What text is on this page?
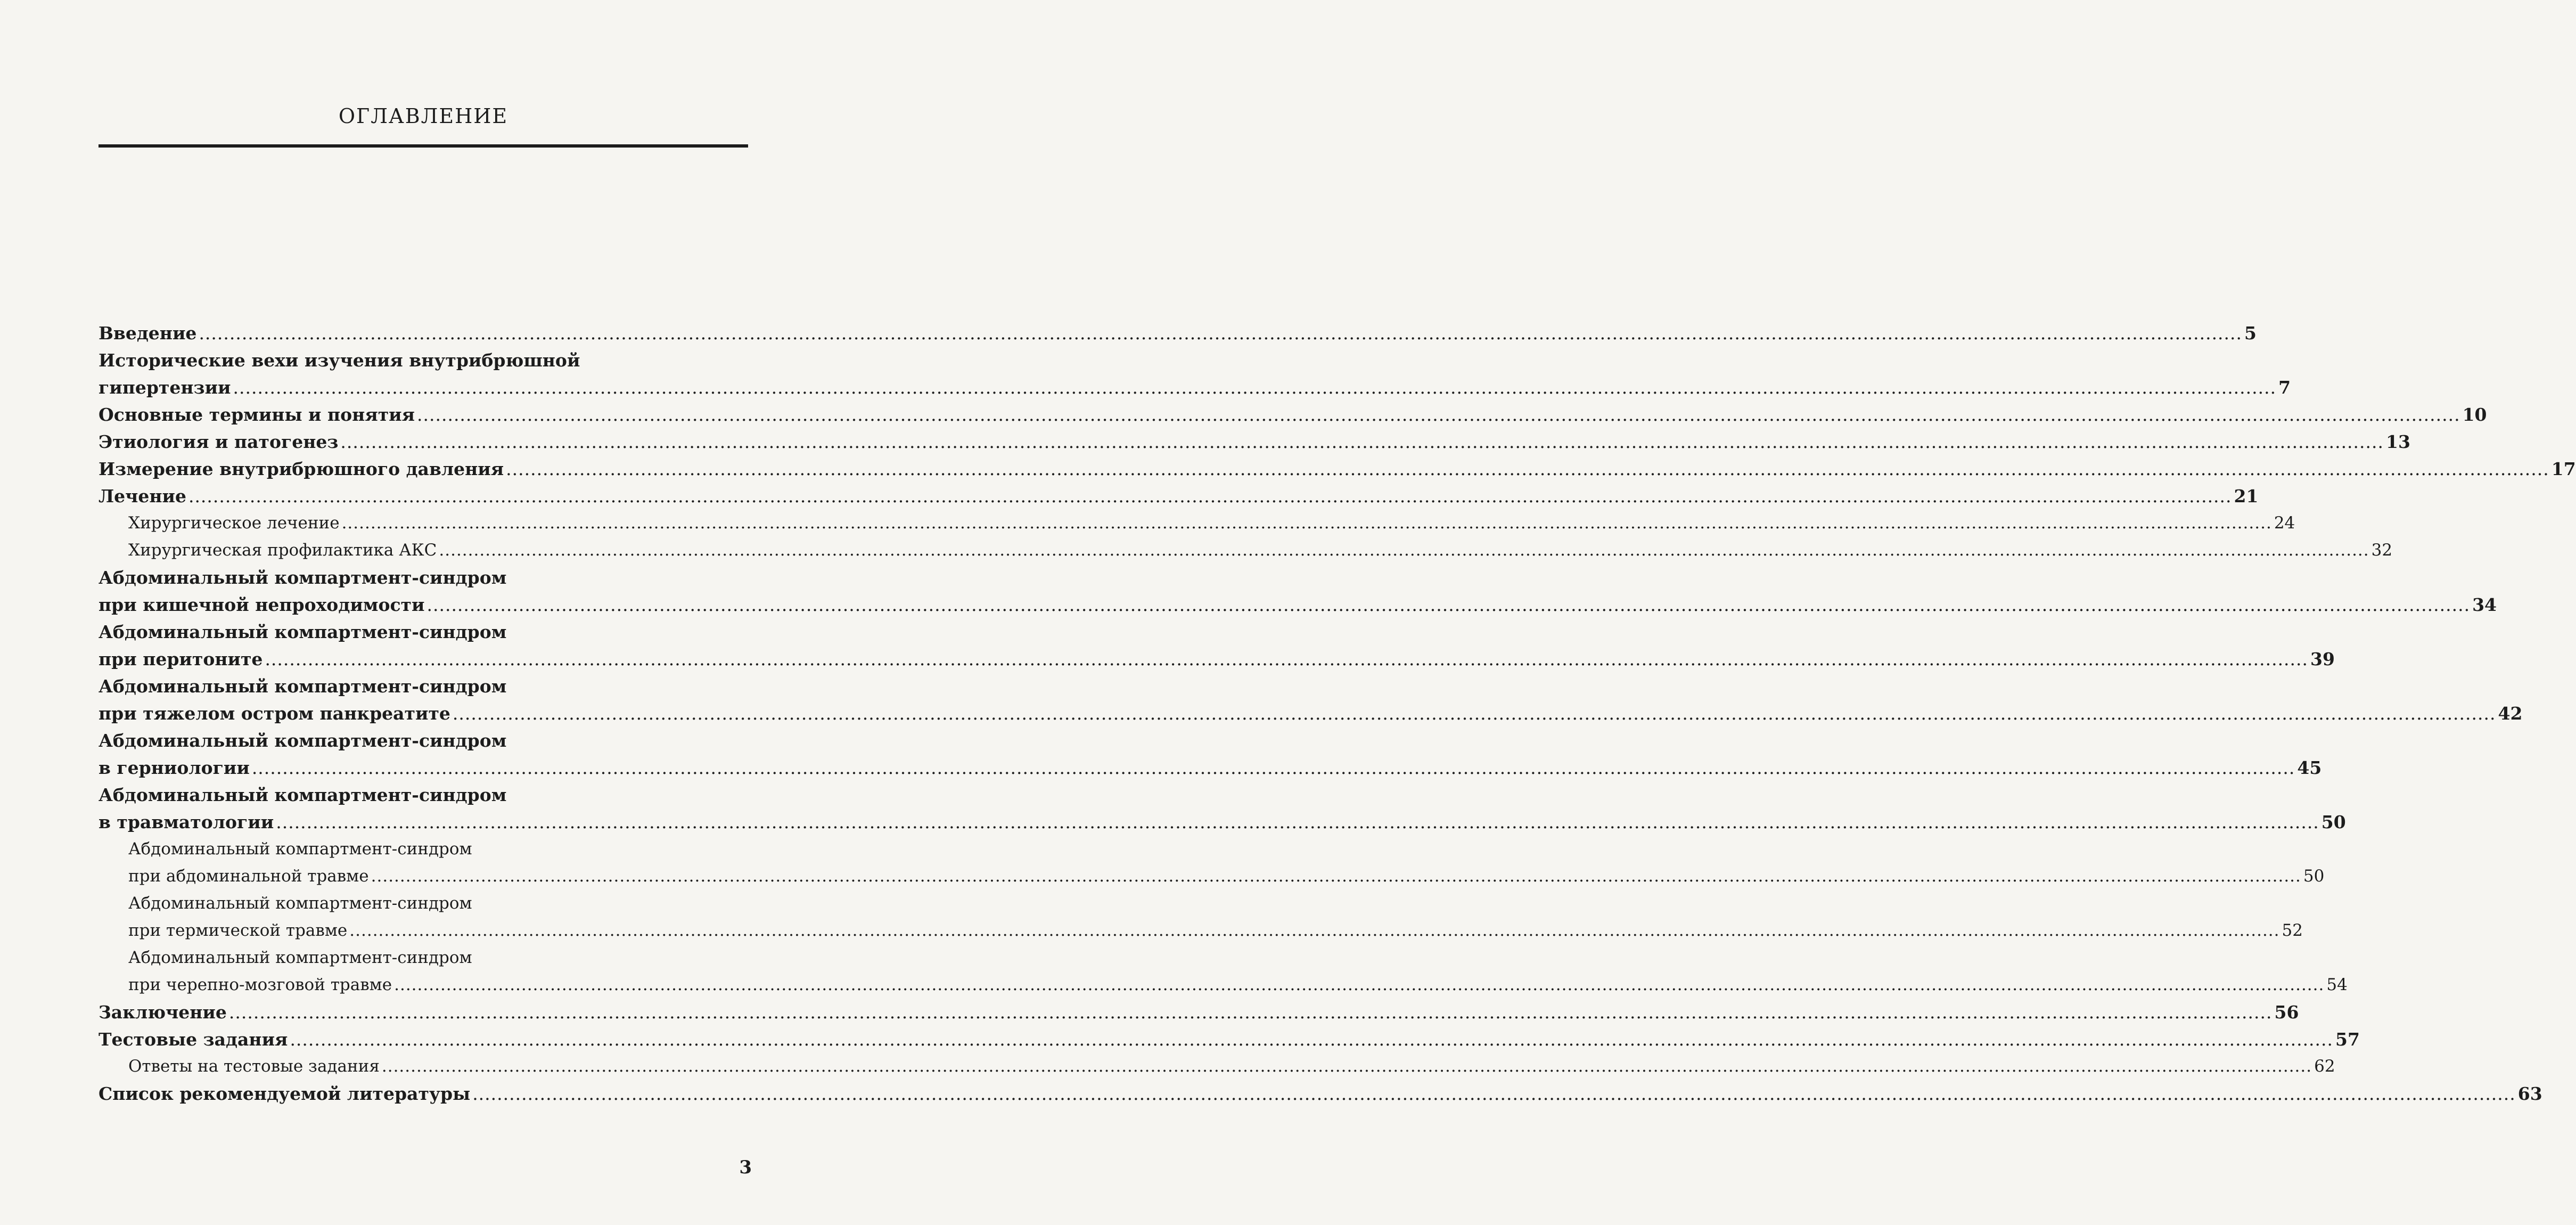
ОГЛАВЛЕНИЕ
Введение .....	5
Исторические вехи изучения внутрибрюшной
гипертензии .....	7
Основные термины и понятия .....	10
Этиология и патогенез .....	13
Измерение внутрибрюшного давления .....	17
Лечение .....	21
Хирургическое лечение .....	24
Хирургическая профилактика АКС .....	32
Абдоминальный компартмент-синдром
при кишечной непроходимости .....	34
Абдоминальный компартмент-синдром
при перитоните .....	39
Абдоминальный компартмент-синдром
при тяжелом остром панкреатите .....	42
Абдоминальный компартмент-синдром
в герниологии .....	45
Абдоминальный компартмент-синдром
в травматологии .....	50
Абдоминальный компартмент-синдром
при абдоминальной травме .....	50
Абдоминальный компартмент-синдром
при термической травме .....	52
Абдоминальный компартмент-синдром
при черепно-мозговой травме .....	54
Заключение .....	56
Тестовые задания .....	57
Ответы на тестовые задания .....	62
Список рекомендуемой литературы .....	63
3
